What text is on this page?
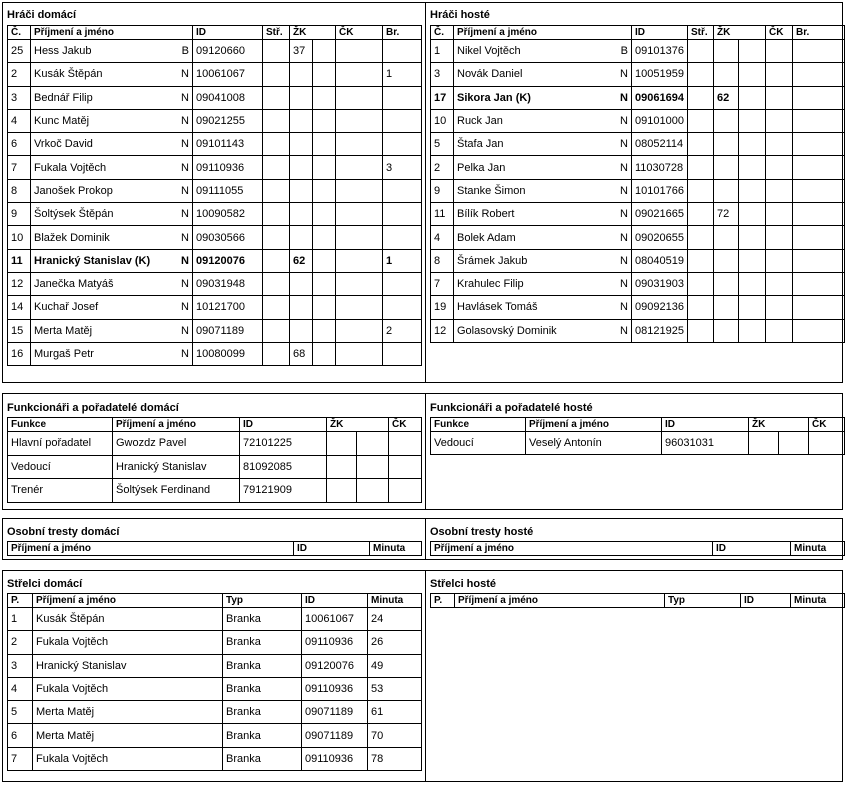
Hráči domácí
Č.	Příjmení a jméno		ID	Stř.	ŽK		ČK	Br.
25	Hess Jakub	B	09120660		37			
2	Kusák Štěpán	N	10061067					1
3	Bednář Filip	N	09041008					
4	Kunc Matěj	N	09021255					
6	Vrkoč David	N	09101143					
7	Fukala Vojtěch	N	09110936					3
8	Janošek Prokop	N	09111055					
9	Šoltýsek Štěpán	N	10090582					
10	Blažek Dominik	N	09030566					
11	Hranický Stanislav (K)	N	09120076		62			1
12	Janečka Matyáš	N	09031948					
14	Kuchař Josef	N	10121700					
15	Merta Matěj	N	09071189					2
16	Murgaš Petr	N	10080099		68			
Hráči hosté
Č.	Příjmení a jméno		ID	Stř.	ŽK		ČK	Br.
1	Nikel Vojtěch	B	09101376					
3	Novák Daniel	N	10051959					
17	Sikora Jan (K)	N	09061694		62			
10	Ruck Jan	N	09101000					
5	Štafa Jan	N	08052114					
2	Pelka Jan	N	11030728					
9	Stanke Šimon	N	10101766					
11	Bílík Robert	N	09021665		72			
4	Bolek Adam	N	09020655					
8	Šrámek Jakub	N	08040519					
7	Krahulec Filip	N	09031903					
19	Havlásek Tomáš	N	09092136					
12	Golasovský Dominik	N	08121925					
Funkcionáři a pořadatelé domácí
Funkce	Příjmení a jméno	ID	ŽK		ČK
Hlavní pořadatel	Gwozdz Pavel	72101225			
Vedoucí	Hranický Stanislav	81092085			
Trenér	Šoltýsek Ferdinand	79121909			
Funkcionáři a pořadatelé hosté
Funkce	Příjmení a jméno	ID	ŽK		ČK
Vedoucí	Veselý Antonín	96031031			
Osobní tresty domácí
Příjmení a jméno	ID	Minuta
Osobní tresty hosté
Příjmení a jméno	ID	Minuta
Střelci domácí
P.	Příjmení a jméno	Typ	ID	Minuta
1	Kusák Štěpán	Branka	10061067	24
2	Fukala Vojtěch	Branka	09110936	26
3	Hranický Stanislav	Branka	09120076	49
4	Fukala Vojtěch	Branka	09110936	53
5	Merta Matěj	Branka	09071189	61
6	Merta Matěj	Branka	09071189	70
7	Fukala Vojtěch	Branka	09110936	78
Střelci hosté
P.	Příjmení a jméno	Typ	ID	Minuta
